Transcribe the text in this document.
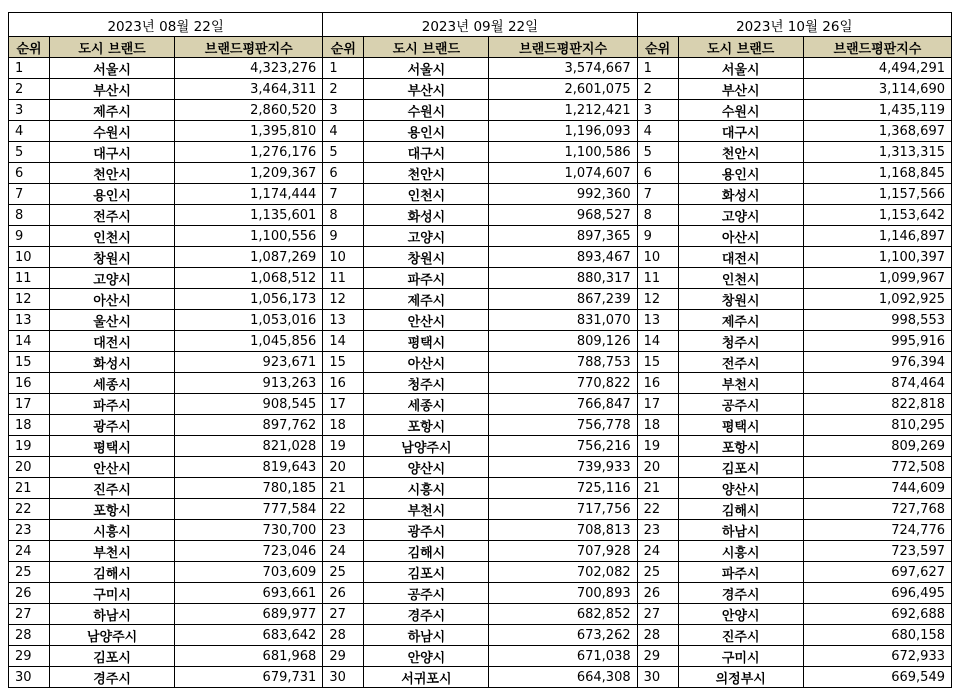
2023년 08월 22일			2023년 09월 22일			2023년 10월 26일		
순위	도시 브랜드	브랜드평판지수	순위	도시 브랜드	브랜드평판지수	순위	도시 브랜드	브랜드평판지수
1	서울시	4,323,276	1	서울시	3,574,667	1	서울시	4,494,291
2	부산시	3,464,311	2	부산시	2,601,075	2	부산시	3,114,690
3	제주시	2,860,520	3	수원시	1,212,421	3	수원시	1,435,119
4	수원시	1,395,810	4	용인시	1,196,093	4	대구시	1,368,697
5	대구시	1,276,176	5	대구시	1,100,586	5	천안시	1,313,315
6	천안시	1,209,367	6	천안시	1,074,607	6	용인시	1,168,845
7	용인시	1,174,444	7	인천시	992,360	7	화성시	1,157,566
8	전주시	1,135,601	8	화성시	968,527	8	고양시	1,153,642
9	인천시	1,100,556	9	고양시	897,365	9	아산시	1,146,897
10	창원시	1,087,269	10	창원시	893,467	10	대전시	1,100,397
11	고양시	1,068,512	11	파주시	880,317	11	인천시	1,099,967
12	아산시	1,056,173	12	제주시	867,239	12	창원시	1,092,925
13	울산시	1,053,016	13	안산시	831,070	13	제주시	998,553
14	대전시	1,045,856	14	평택시	809,126	14	청주시	995,916
15	화성시	923,671	15	아산시	788,753	15	전주시	976,394
16	세종시	913,263	16	청주시	770,822	16	부천시	874,464
17	파주시	908,545	17	세종시	766,847	17	공주시	822,818
18	광주시	897,762	18	포항시	756,778	18	평택시	810,295
19	평택시	821,028	19	남양주시	756,216	19	포항시	809,269
20	안산시	819,643	20	양산시	739,933	20	김포시	772,508
21	진주시	780,185	21	시흥시	725,116	21	양산시	744,609
22	포항시	777,584	22	부천시	717,756	22	김해시	727,768
23	시흥시	730,700	23	광주시	708,813	23	하남시	724,776
24	부천시	723,046	24	김해시	707,928	24	시흥시	723,597
25	김해시	703,609	25	김포시	702,082	25	파주시	697,627
26	구미시	693,661	26	공주시	700,893	26	경주시	696,495
27	하남시	689,977	27	경주시	682,852	27	안양시	692,688
28	남양주시	683,642	28	하남시	673,262	28	진주시	680,158
29	김포시	681,968	29	안양시	671,038	29	구미시	672,933
30	경주시	679,731	30	서귀포시	664,308	30	의정부시	669,549
